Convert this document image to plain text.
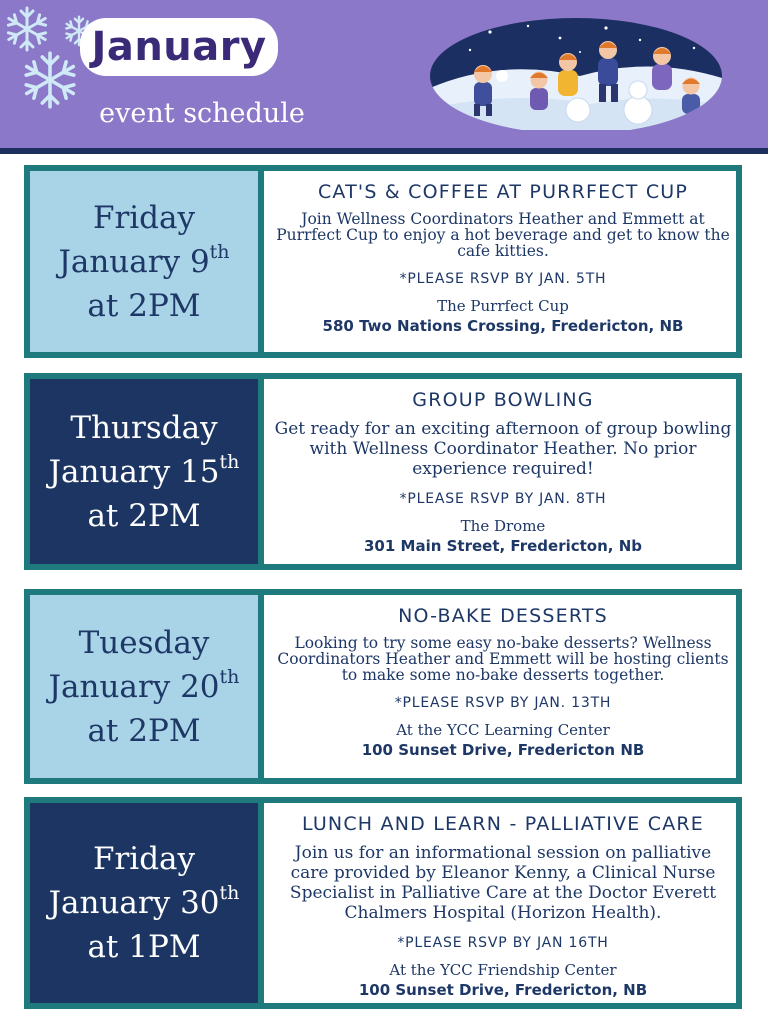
January
event schedule
Friday
January 9th
at 2PM
CAT'S & COFFEE AT PURRFECT CUP
Join Wellness Coordinators Heather and Emmett at Purrfect Cup to enjoy a hot beverage and get to know the cafe kitties.
*PLEASE RSVP BY JAN. 5TH
The Purrfect Cup
580 Two Nations Crossing, Fredericton, NB
Thursday
January 15th
at 2PM
GROUP BOWLING
Get ready for an exciting afternoon of group bowling with Wellness Coordinator Heather. No prior experience required!
*PLEASE RSVP BY JAN. 8TH
The Drome
301 Main Street, Fredericton, Nb
Tuesday
January 20th
at 2PM
NO-BAKE DESSERTS
Looking to try some easy no-bake desserts? Wellness Coordinators Heather and Emmett will be hosting clients to make some no-bake desserts together.
*PLEASE RSVP BY JAN. 13TH
At the YCC Learning Center
100 Sunset Drive, Fredericton NB
Friday
January 30th
at 1PM
LUNCH AND LEARN - PALLIATIVE CARE
Join us for an informational session on palliative care provided by Eleanor Kenny, a Clinical Nurse Specialist in Palliative Care at the Doctor Everett Chalmers Hospital (Horizon Health).
*PLEASE RSVP BY JAN 16TH
At the YCC Friendship Center
100 Sunset Drive, Fredericton, NB
